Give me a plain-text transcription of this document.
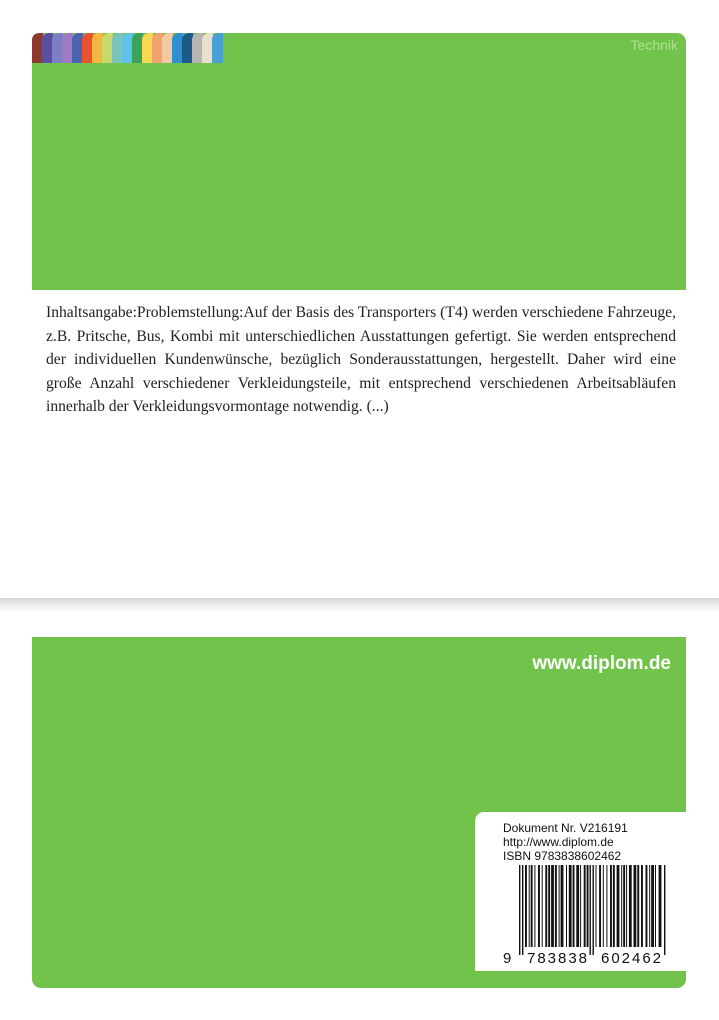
Technik

Inhaltsangabe:Problemstellung:Auf der Basis des Transporters (T4) werden verschiedene Fahrzeuge, z.B. Pritsche, Bus, Kombi mit unterschiedlichen Ausstattungen gefertigt. Sie werden entsprechend der individuellen Kundenwünsche, bezüglich Sonderausstattungen, hergestellt. Daher wird eine große Anzahl verschiedener Verkleidungsteile, mit entsprechend verschiedenen Arbeitsabläufen innerhalb der Verkleidungsvormontage notwendig. (...)

www.diplom.de
Dokument Nr. V216191
http://www.diplom.de
ISBN 9783838602462
9 783838 602462
